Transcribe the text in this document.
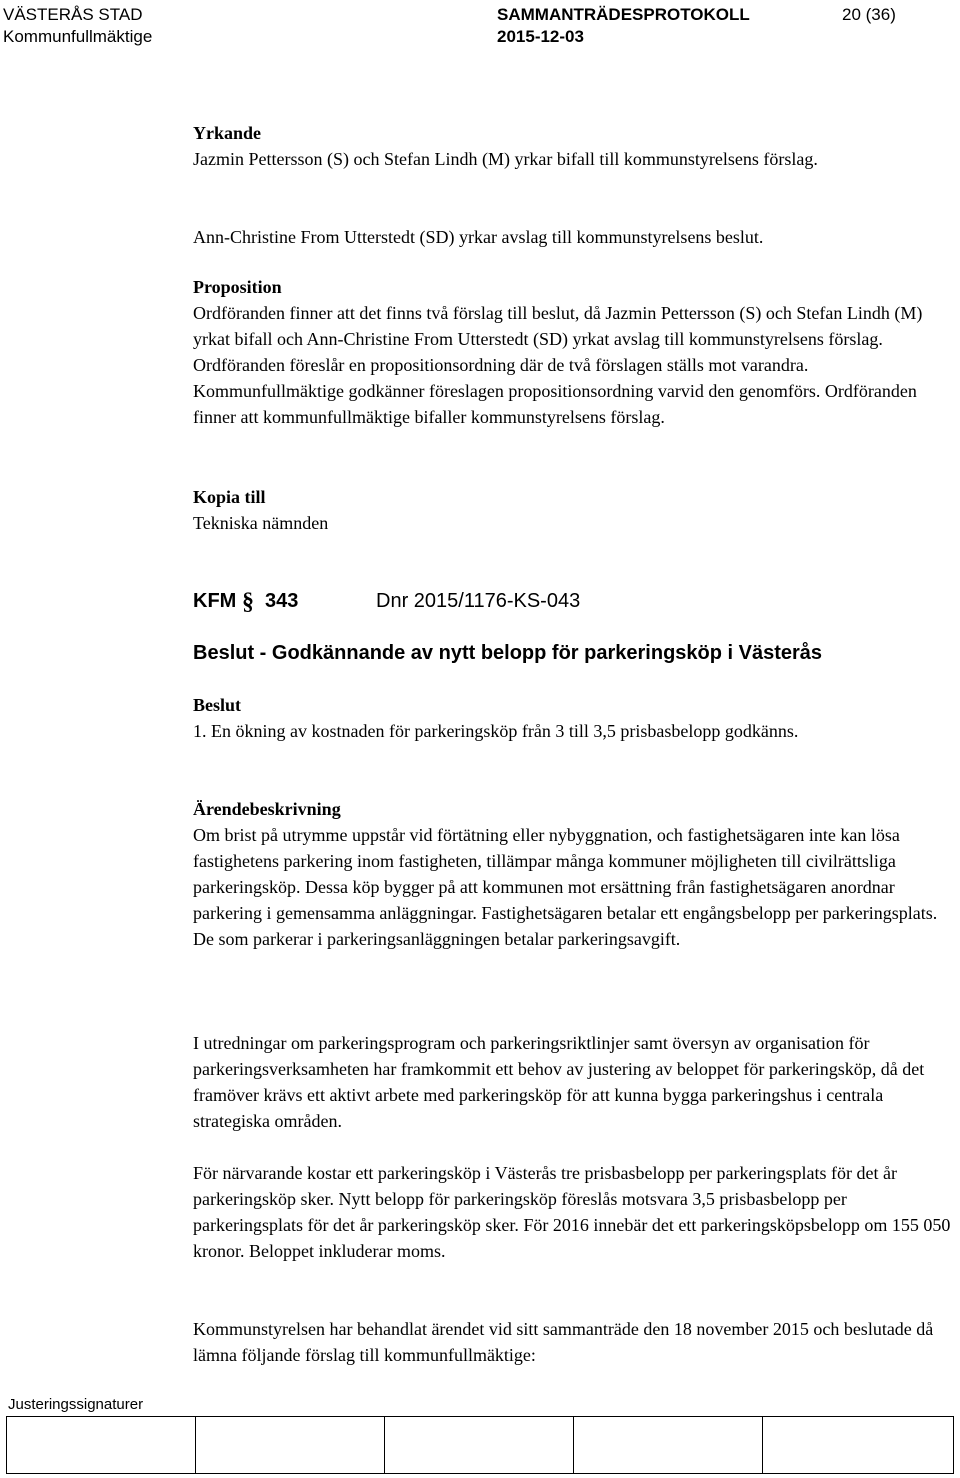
VÄSTERÅS STAD
Kommunfullmäktige
SAMMANTRÄDESPROTOKOLL
2015-12-03
20 (36)

Yrkande

Jazmin Pettersson (S) och Stefan Lindh (M) yrkar bifall till kommunstyrelsens förslag.

Ann-Christine From Utterstedt (SD) yrkar avslag till kommunstyrelsens beslut.

Proposition

Ordföranden finner att det finns två förslag till beslut, då Jazmin Pettersson (S) och Stefan Lindh (M) yrkat bifall och Ann-Christine From Utterstedt (SD) yrkat avslag till kommunstyrelsens förslag. Ordföranden föreslår en propositionsordning där de två förslagen ställs mot varandra. Kommunfullmäktige godkänner föreslagen propositionsordning varvid den genomförs. Ordföranden finner att kommunfullmäktige bifaller kommunstyrelsens förslag.

Kopia till

Tekniska nämnden

KFM § 343	Dnr 2015/1176-KS-043
Beslut - Godkännande av nytt belopp för parkeringsköp i Västerås

Beslut

1. En ökning av kostnaden för parkeringsköp från 3 till 3,5 prisbasbelopp godkänns.

Ärendebeskrivning

Om brist på utrymme uppstår vid förtätning eller nybyggnation, och fastighetsägaren inte kan lösa fastighetens parkering inom fastigheten, tillämpar många kommuner möjligheten till civilrättsliga parkeringsköp. Dessa köp bygger på att kommunen mot ersättning från fastighetsägaren anordnar parkering i gemensamma anläggningar. Fastighetsägaren betalar ett engångsbelopp per parkeringsplats. De som parkerar i parkeringsanläggningen betalar parkeringsavgift.

I utredningar om parkeringsprogram och parkeringsriktlinjer samt översyn av organisation för parkeringsverksamheten har framkommit ett behov av justering av beloppet för parkeringsköp, då det framöver krävs ett aktivt arbete med parkeringsköp för att kunna bygga parkeringshus i centrala strategiska områden.

För närvarande kostar ett parkeringsköp i Västerås tre prisbasbelopp per parkeringsplats för det år parkeringsköp sker. Nytt belopp för parkeringsköp föreslås motsvara 3,5 prisbasbelopp per parkeringsplats för det år parkeringsköp sker. För 2016 innebär det ett parkeringsköpsbelopp om 155 050 kronor. Beloppet inkluderar moms.

Kommunstyrelsen har behandlat ärendet vid sitt sammanträde den 18 november 2015 och beslutade då lämna följande förslag till kommunfullmäktige:

Justeringssignaturer
